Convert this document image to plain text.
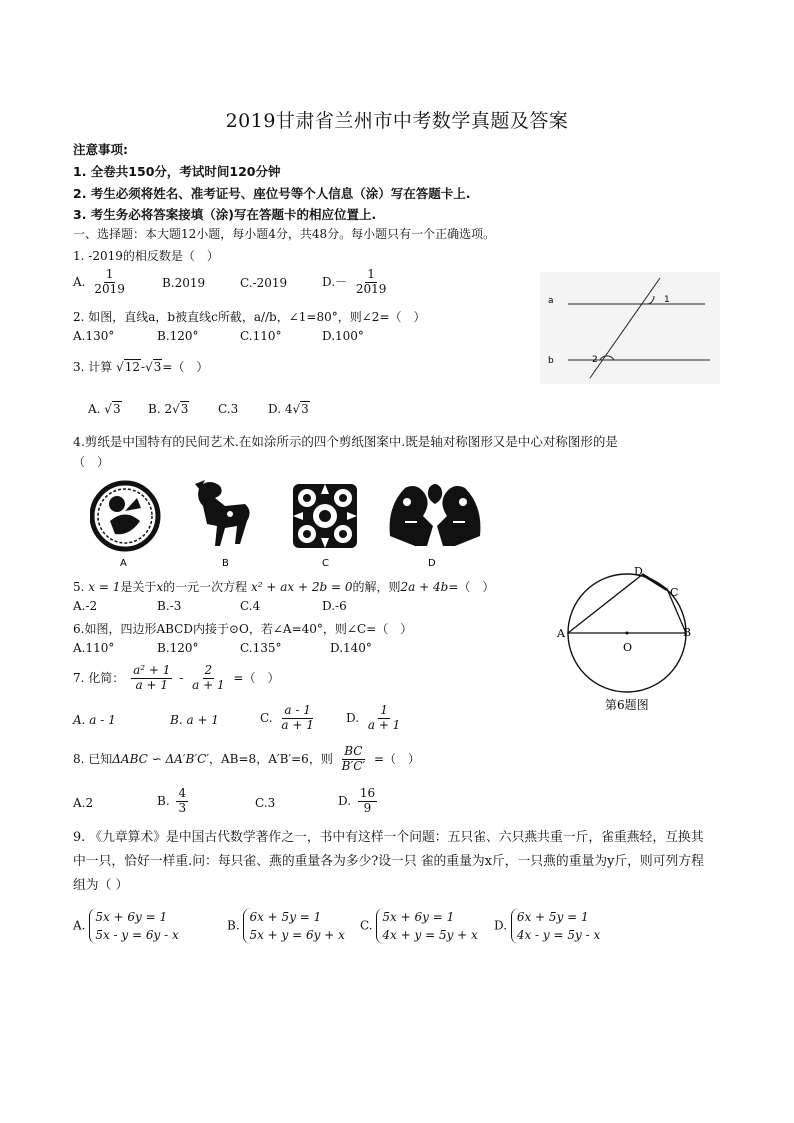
2019甘肃省兰州市中考数学真题及答案
注意事项:
1. 全卷共150分，考试时间120分钟
2. 考生必须将姓名、准考证号、座位号等个人信息（涂）写在答题卡上.
3. 考生务必将答案接填（涂)写在答题卡的相应位置上.
一、选择题：本大题12小题，每小题4分，共48分。每小题只有一个正确选项。
1. -2019的相反数是（　）
A. $\frac{1}{2019}$	B.2019	C.-2019	$D.- \frac{1}{2019}$
2. 如图，直线a，b被直线c所截，a//b，∠1=80°，则∠2=（　）
A.130°	B.120°	C.110°	D.100°
a
b
1
2
3. 计算 √12-√3=（　）
A. √3 B. 2√3 C.3 D. 4√3
4.剪纸是中国特有的民间艺术.在如涂所示的四个剪纸图案中.既是轴对称图形又是中心对称图形的是
（　）
A	B	C	D
5. x = 1是关于x的一元一次方程 x² + ax + 2b = 0的解，则2a + 4b=（　）
A.-2	B.-3	C.4	D.-6
6.如图，四边形ABCD内接于⊙O，若∠A=40°，则∠C=（　）
A.110°	B.120°	C.135°	D.140°
A
D
C
B
O
第6题图
7. 化简： $\frac{\text{a² + 1}}{a + 1} - \frac{2}{a + 1}$ =（　）
A. a - 1	B. a + 1	C. $\frac{a - 1}{a + 1}$	D. $\frac{1}{a + 1}$
8. 已知ΔABC ∽ ΔA′B′C′，AB=8，A′B′=6，则 $\frac{BC}{B'C'}$ =（　）
A.2	B. $\frac{4}{3}$	C.3	D. $\frac{16}{9}$
9. 《九章算术》是中国古代数学著作之一，书中有这样一个问题：五只雀、六只燕共重一斤，雀重燕轻，互换其中一只，恰好一样重.问：每只雀、燕的重量各为多少?设一只 雀的重量为x斤，一只燕的重量为y斤，则可列方程组为（ ）
A. 5x + 6y = 1
5x - y = 6y - x
B. 6x + 5y = 1
5x + y = 6y + x
C. 5x + 6y = 1
4x + y = 5y + x
D. 6x + 5y = 1
4x - y = 5y - x
